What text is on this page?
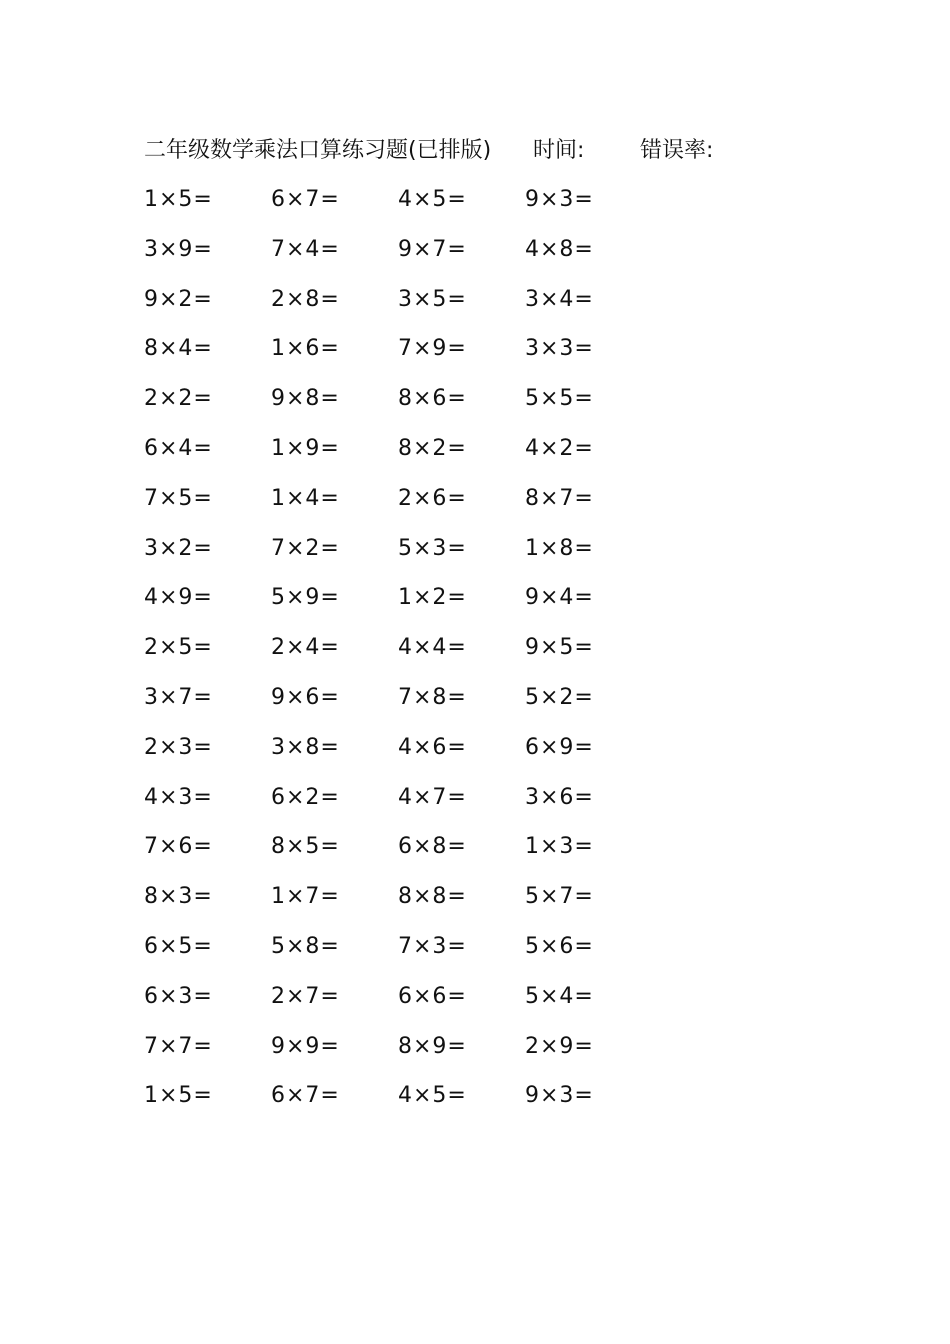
二年级数学乘法口算练习题(已排版) 时间:	错误率:
1×5=	6×7=	4×5=	9×3=
3×9=	7×4=	9×7=	4×8=
9×2=	2×8=	3×5=	3×4=
8×4=	1×6=	7×9=	3×3=
2×2=	9×8=	8×6=	5×5=
6×4=	1×9=	8×2=	4×2=
7×5=	1×4=	2×6=	8×7=
3×2=	7×2=	5×3=	1×8=
4×9=	5×9=	1×2=	9×4=
2×5=	2×4=	4×4=	9×5=
3×7=	9×6=	7×8=	5×2=
2×3=	3×8=	4×6=	6×9=
4×3=	6×2=	4×7=	3×6=
7×6=	8×5=	6×8=	1×3=
8×3=	1×7=	8×8=	5×7=
6×5=	5×8=	7×3=	5×6=
6×3=	2×7=	6×6=	5×4=
7×7=	9×9=	8×9=	2×9=
1×5=	6×7=	4×5=	9×3=
